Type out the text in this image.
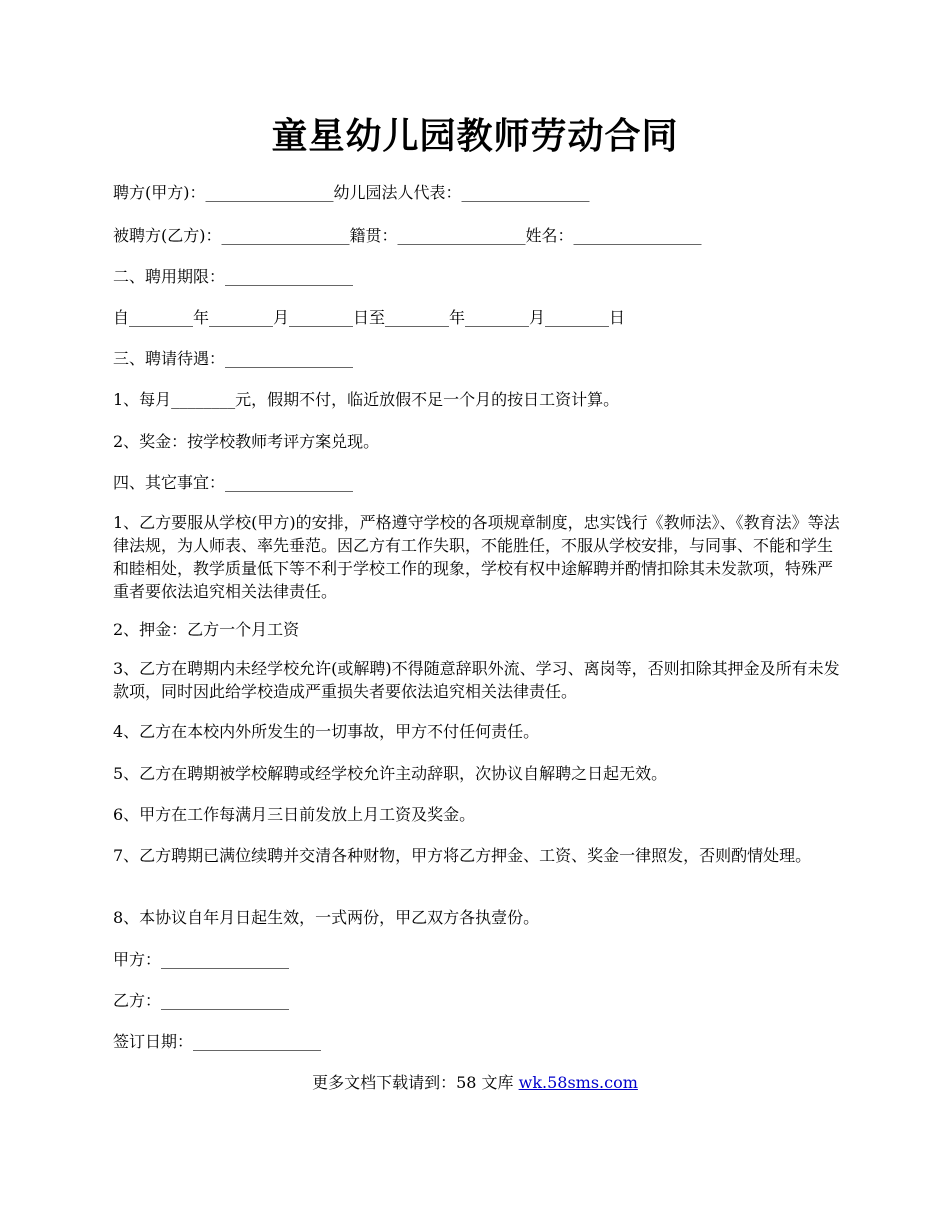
童星幼儿园教师劳动合同
聘方(甲方)：________________幼儿园法人代表：________________
被聘方(乙方)：________________籍贯：________________姓名：________________
二、聘用期限：________________
自________年________月________日至________年________月________日
三、聘请待遇：________________
1、每月________元，假期不付，临近放假不足一个月的按日工资计算。
2、奖金：按学校教师考评方案兑现。
四、其它事宜：________________
1、乙方要服从学校(甲方)的安排，严格遵守学校的各项规章制度，忠实饯行《教师法》、《教育法》等法律法规，为人师表、率先垂范。因乙方有工作失职，不能胜任，不服从学校安排，与同事、不能和学生和睦相处，教学质量低下等不利于学校工作的现象，学校有权中途解聘并酌情扣除其未发款项，特殊严重者要依法追究相关法律责任。
2、押金：乙方一个月工资
3、乙方在聘期内未经学校允许(或解聘)不得随意辞职外流、学习、离岗等，否则扣除其押金及所有未发款项，同时因此给学校造成严重损失者要依法追究相关法律责任。
4、乙方在本校内外所发生的一切事故，甲方不付任何责任。
5、乙方在聘期被学校解聘或经学校允许主动辞职，次协议自解聘之日起无效。
6、甲方在工作每满月三日前发放上月工资及奖金。
7、乙方聘期已满位续聘并交清各种财物，甲方将乙方押金、工资、奖金一律照发，否则酌情处理。
8、本协议自年月日起生效，一式两份，甲乙双方各执壹份。
甲方：________________
乙方：________________
签订日期：________________
更多文档下载请到：58 文库 wk.58sms.com
